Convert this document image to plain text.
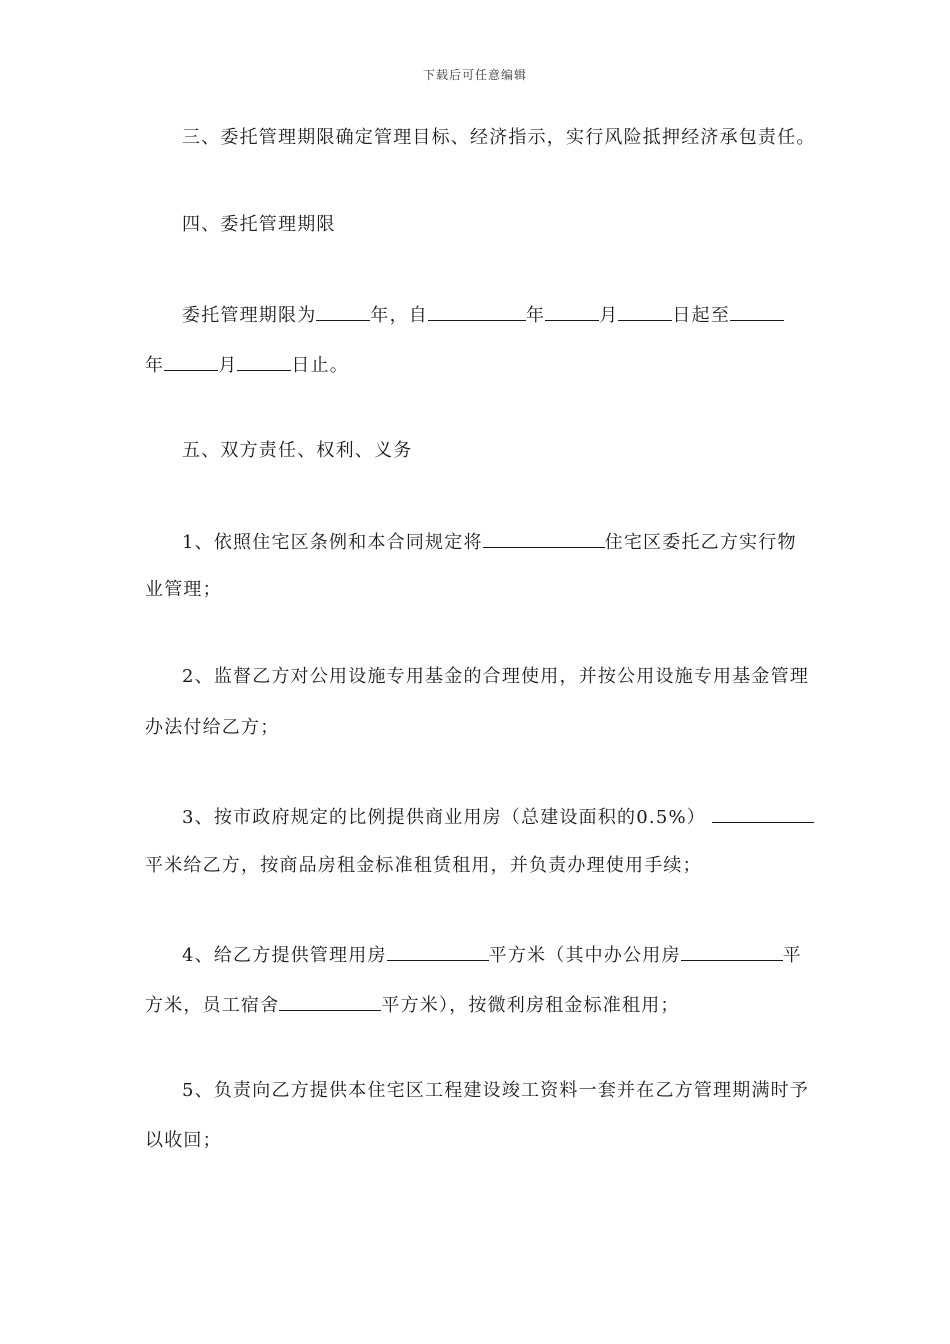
下载后可任意编辑
三、委托管理期限确定管理目标、经济指示，实行风险抵押经济承包责任。
四、委托管理期限
委托管理期限为	年，自	年	月	日起至
年	月	日止。
五、双方责任、权利、义务
1、依照住宅区条例和本合同规定将	住宅区委托乙方实行物
业管理；
2、监督乙方对公用设施专用基金的合理使用，并按公用设施专用基金管理
办法付给乙方；
3、按市政府规定的比例提供商业用房（总建设面积的0.5%）
平米给乙方，按商品房租金标准租赁租用，并负责办理使用手续；
4、给乙方提供管理用房	平方米（其中办公用房	平
方米，员工宿舍	平方米），按微利房租金标准租用；
5、负责向乙方提供本住宅区工程建设竣工资料一套并在乙方管理期满时予
以收回；
